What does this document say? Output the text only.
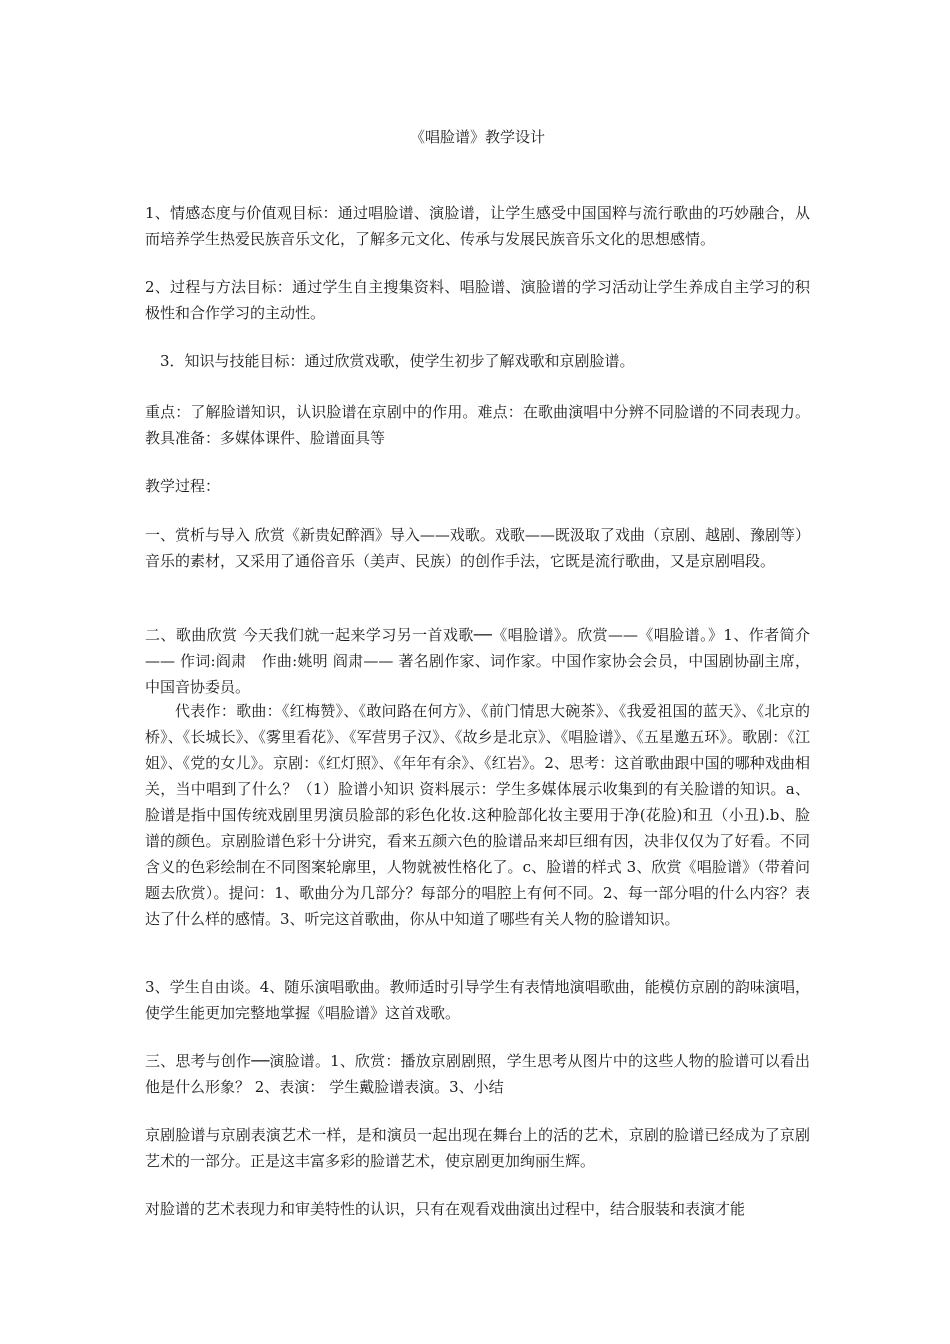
《唱脸谱》教学设计

1、情感态度与价值观目标：通过唱脸谱、演脸谱，让学生感受中国国粹与流行歌曲的巧妙融合，从而培养学生热爱民族音乐文化，了解多元文化、传承与发展民族音乐文化的思想感情。

2、过程与方法目标：通过学生自主搜集资料、唱脸谱、演脸谱的学习活动让学生养成自主学习的积极性和合作学习的主动性。

3．知识与技能目标：通过欣赏戏歌，使学生初步了解戏歌和京剧脸谱。

重点：了解脸谱知识，认识脸谱在京剧中的作用。难点：在歌曲演唱中分辨不同脸谱的不同表现力。教具准备：多媒体课件、脸谱面具等

教学过程：

一、赏析与导入 欣赏《新贵妃醉酒》导入——戏歌。戏歌——既汲取了戏曲（京剧、越剧、豫剧等）音乐的素材，又采用了通俗音乐（美声、民族）的创作手法，它既是流行歌曲，又是京剧唱段。

二、歌曲欣赏 今天我们就一起来学习另一首戏歌──《唱脸谱》。欣赏——《唱脸谱。》1、作者简介—— 作词:阎肃　作曲:姚明 阎肃—— 著名剧作家、词作家。中国作家协会会员，中国剧协副主席，中国音协委员。

代表作：歌曲：《红梅赞》、《敢问路在何方》、《前门情思大碗茶》、《我爱祖国的蓝天》、《北京的桥》、《长城长》、《雾里看花》、《军营男子汉》、《故乡是北京》、《唱脸谱》、《五星邀五环》。歌剧：《江姐》、《党的女儿》。京剧：《红灯照》、《年年有余》、《红岩》。2、思考：这首歌曲跟中国的哪种戏曲相关，当中唱到了什么？（1）脸谱小知识 资料展示：学生多媒体展示收集到的有关脸谱的知识。a、脸谱是指中国传统戏剧里男演员脸部的彩色化妆.这种脸部化妆主要用于净(花脸)和丑（小丑).b、脸谱的颜色。京剧脸谱色彩十分讲究，看来五颜六色的脸谱品来却巨细有因，决非仅仅为了好看。不同含义的色彩绘制在不同图案轮廓里，人物就被性格化了。c、脸谱的样式 3、欣赏《唱脸谱》（带着问题去欣赏）。提问：1、歌曲分为几部分？每部分的唱腔上有何不同。2、每一部分唱的什么内容？表达了什么样的感情。3、听完这首歌曲，你从中知道了哪些有关人物的脸谱知识。

3、学生自由谈。4、随乐演唱歌曲。教师适时引导学生有表情地演唱歌曲，能模仿京剧的韵味演唱，使学生能更加完整地掌握《唱脸谱》这首戏歌。

三、思考与创作──演脸谱。1、欣赏：播放京剧剧照，学生思考从图片中的这些人物的脸谱可以看出他是什么形象？ 2、表演： 学生戴脸谱表演。3、小结

京剧脸谱与京剧表演艺术一样，是和演员一起出现在舞台上的活的艺术，京剧的脸谱已经成为了京剧艺术的一部分。正是这丰富多彩的脸谱艺术，使京剧更加绚丽生辉。

对脸谱的艺术表现力和审美特性的认识，只有在观看戏曲演出过程中，结合服装和表演才能
